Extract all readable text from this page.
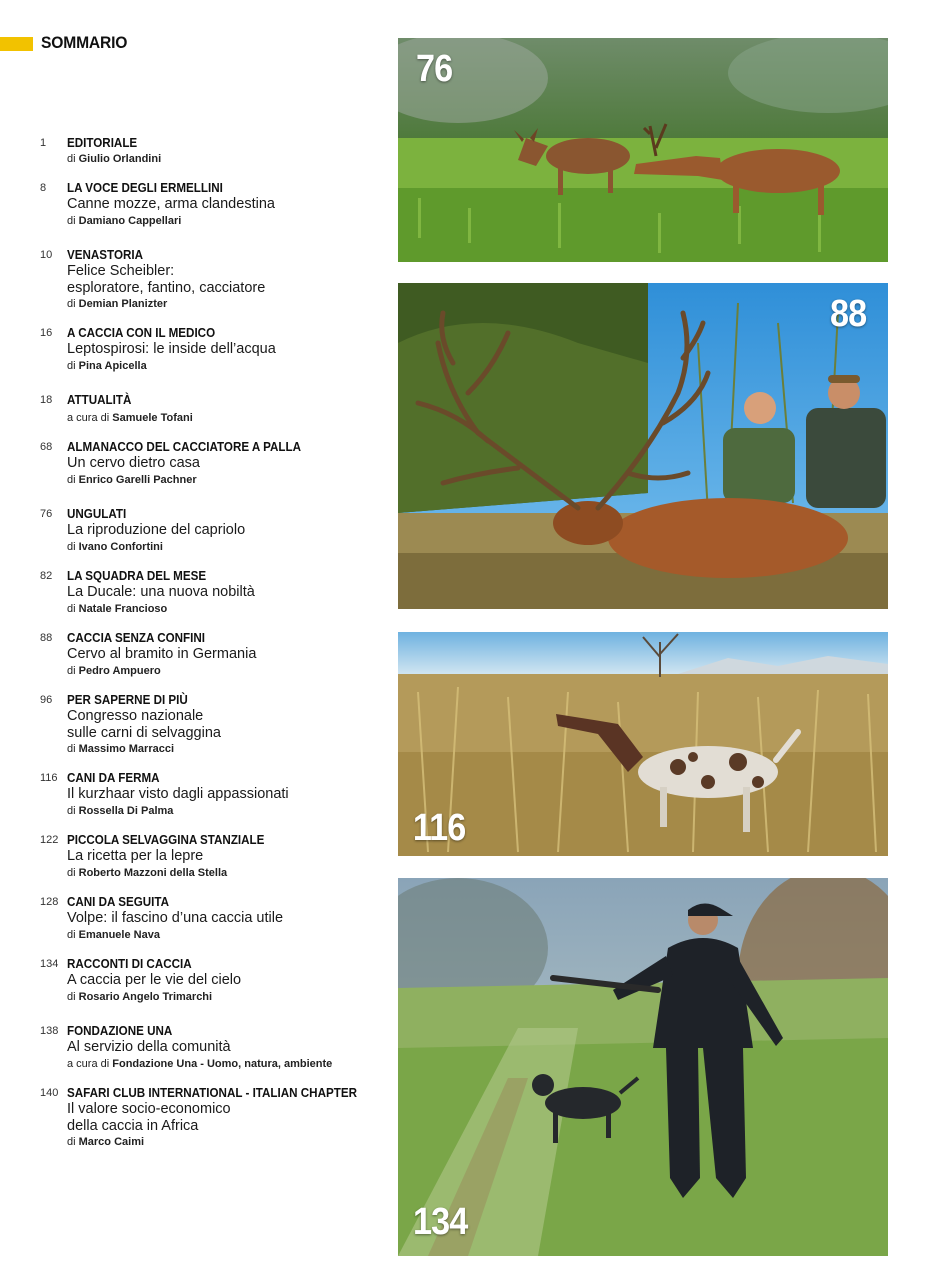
SOMMARIO
1 EDITORIALE
di Giulio Orlandini
8 LA VOCE DEGLI ERMELLINI
Canne mozze, arma clandestina
di Damiano Cappellari
10 VENASTORIA
Felice Scheibler:
esploratore, fantino, cacciatore
di Demian Planizter
16 A CACCIA CON IL MEDICO
Leptospirosi: le inside dell’acqua
di Pina Apicella
18 ATTUALITÀ
a cura di Samuele Tofani
68 ALMANACCO DEL CACCIATORE A PALLA
Un cervo dietro casa
di Enrico Garelli Pachner
76 UNGULATI
La riproduzione del capriolo
di Ivano Confortini
82 LA SQUADRA DEL MESE
La Ducale: una nuova nobiltà
di Natale Francioso
88 CACCIA SENZA CONFINI
Cervo al bramito in Germania
di Pedro Ampuero
96 PER SAPERNE DI PIÙ
Congresso nazionale
sulle carni di selvaggina
di Massimo Marracci
116 CANI DA FERMA
Il kurzhaar visto dagli appassionati
di Rossella Di Palma
122 PICCOLA SELVAGGINA STANZIALE
La ricetta per la lepre
di Roberto Mazzoni della Stella
128 CANI DA SEGUITA
Volpe: il fascino d’una caccia utile
di Emanuele Nava
134 RACCONTI DI CACCIA
A caccia per le vie del cielo
di Rosario Angelo Trimarchi
138 FONDAZIONE UNA
Al servizio della comunità
a cura di Fondazione Una - Uomo, natura, ambiente
140 SAFARI CLUB INTERNATIONAL - ITALIAN CHAPTER
Il valore socio-economico
della caccia in Africa
di Marco Caimi
76
88
116
134
